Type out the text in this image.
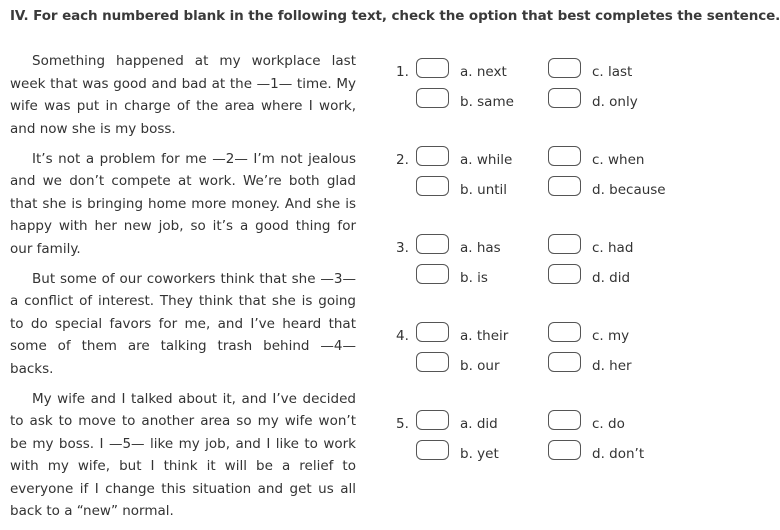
IV. For each numbered blank in the following text, check the option that best completes the sentence.

Something happened at my workplace last week that was good and bad at the —1— time. My wife was put in charge of the area where I work, and now she is my boss.

It’s not a problem for me —2— I’m not jealous and we don’t compete at work. We’re both glad that she is bringing home more money. And she is happy with her new job, so it’s a good thing for our family.

But some of our coworkers think that she —3— a conflict of interest. They think that she is going to do special favors for me, and I’ve heard that some of them are talking trash behind —4— backs.

My wife and I talked about it, and I’ve decided to ask to move to another area so my wife won’t be my boss. I —5— like my job, and I like to work with my wife, but I think it will be a relief to everyone if I change this situation and get us all back to a “new” normal.

1.	a. next
b. same
c. last
d. only
2.	a. while
b. until
c. when
d. because
3.	a. has
b. is
c. had
d. did
4.	a. their
b. our
c. my
d. her
5.	a. did
b. yet
c. do
d. don’t
